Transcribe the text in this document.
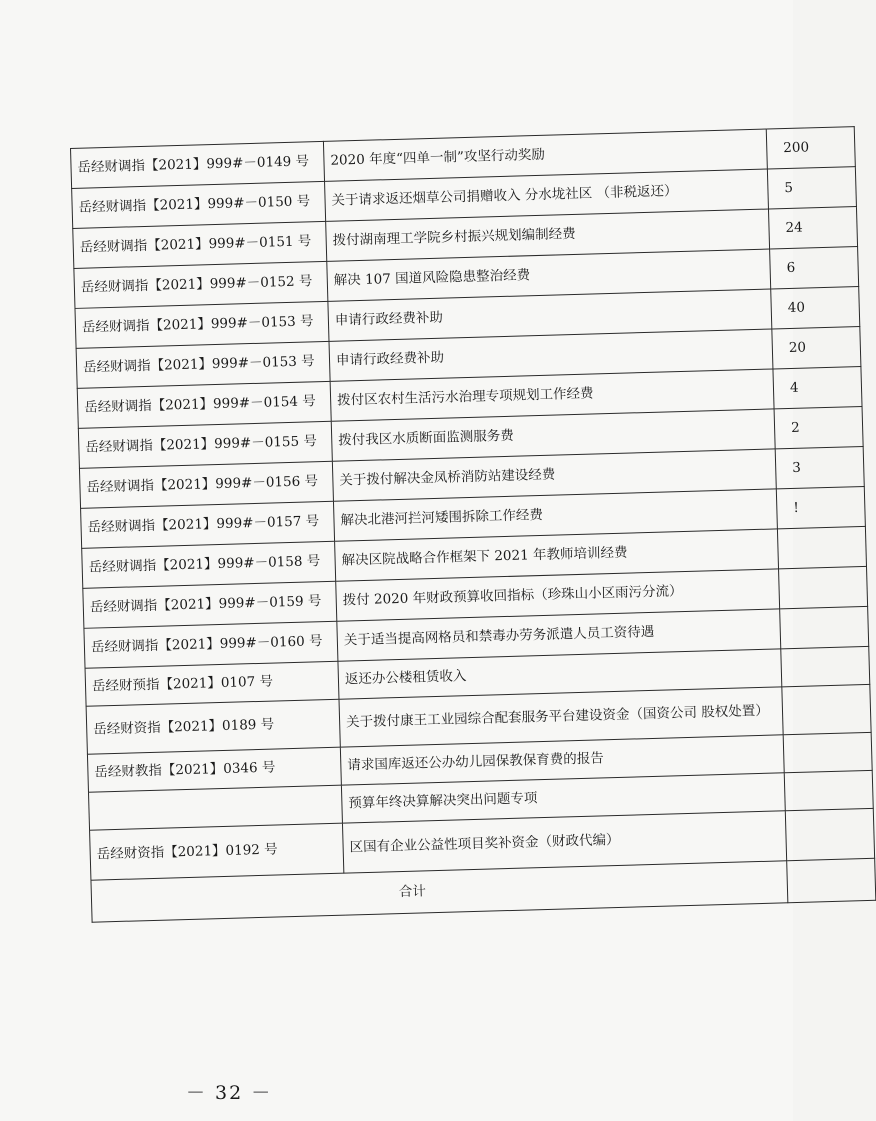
岳经财调指【2021】999#－0149 号	2020 年度“四单一制”攻坚行动奖励	200
岳经财调指【2021】999#－0150 号	关于请求返还烟草公司捐赠收入 分水垅社区 （非税返还）	5
岳经财调指【2021】999#－0151 号	拨付湖南理工学院乡村振兴规划编制经费	24
岳经财调指【2021】999#－0152 号	解决 107 国道风险隐患整治经费	6
岳经财调指【2021】999#－0153 号	申请行政经费补助	40
岳经财调指【2021】999#－0153 号	申请行政经费补助	20
岳经财调指【2021】999#－0154 号	拨付区农村生活污水治理专项规划工作经费	4
岳经财调指【2021】999#－0155 号	拨付我区水质断面监测服务费	2
岳经财调指【2021】999#－0156 号	关于拨付解决金凤桥消防站建设经费	3
岳经财调指【2021】999#－0157 号	解决北港河拦河矮围拆除工作经费	!
岳经财调指【2021】999#－0158 号	解决区院战略合作框架下 2021 年教师培训经费	
岳经财调指【2021】999#－0159 号	拨付 2020 年财政预算收回指标（珍珠山小区雨污分流）	
岳经财调指【2021】999#－0160 号	关于适当提高网格员和禁毒办劳务派遣人员工资待遇	
岳经财预指【2021】0107 号	返还办公楼租赁收入	
岳经财资指【2021】0189 号	关于拨付康王工业园综合配套服务平台建设资金（国资公司 股权处置）	
岳经财教指【2021】0346 号	请求国库返还公办幼儿园保教保育费的报告	
	预算年终决算解决突出问题专项	
岳经财资指【2021】0192 号	区国有企业公益性项目奖补资金（财政代编）	
合计		
－ 32 －
